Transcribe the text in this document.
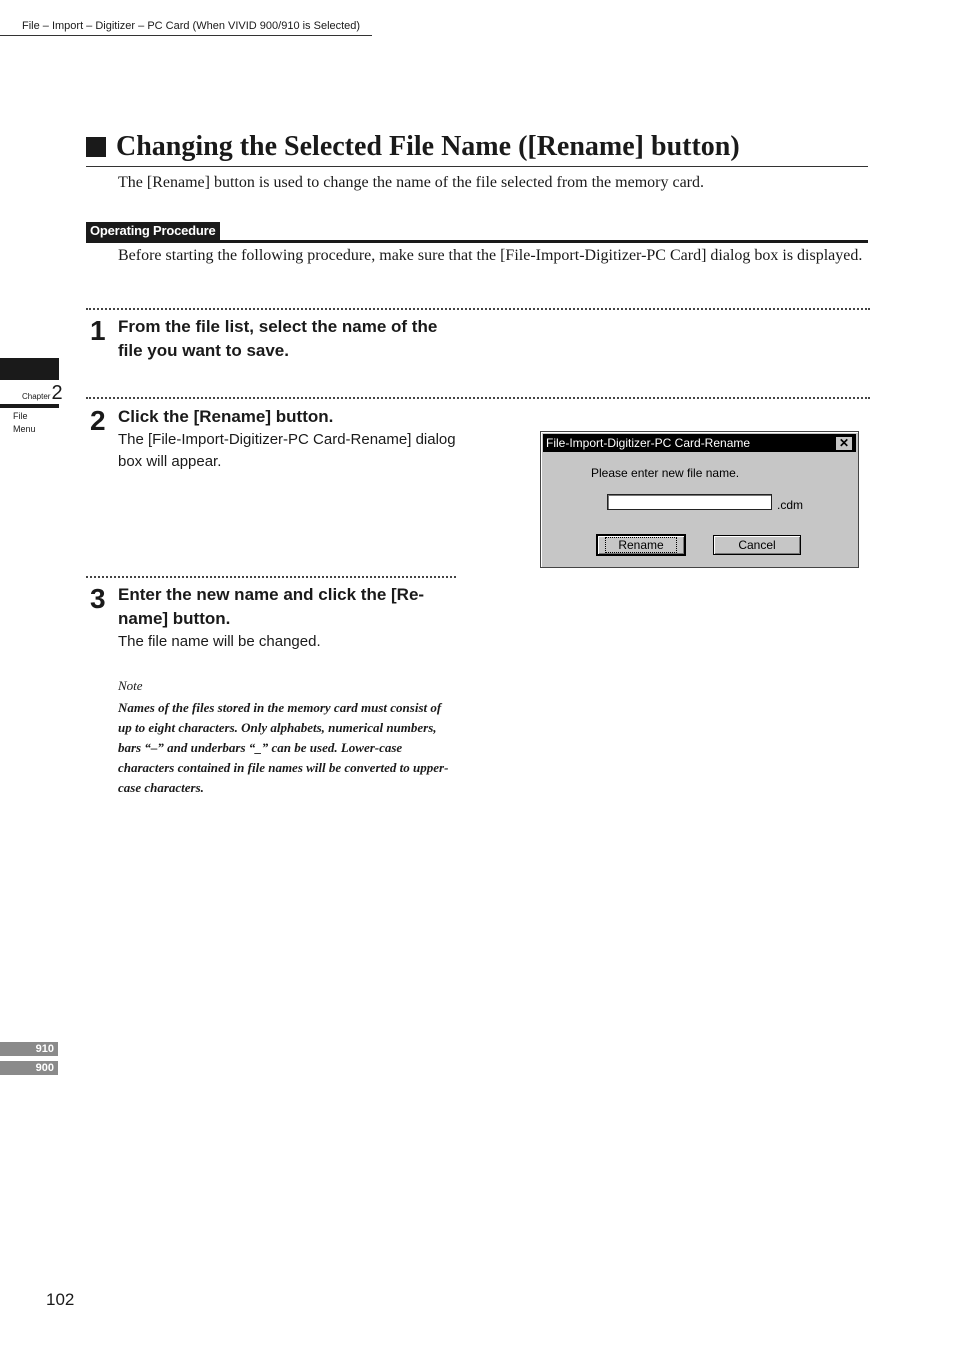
File – Import – Digitizer – PC Card (When VIVID 900/910 is Selected)
Changing the Selected File Name ([Rename] button)
The [Rename] button is used to change the name of the file selected from the memory card.
Operating Procedure
Before starting the following procedure, make sure that the [File-Import-Digitizer-PC Card] dialog box is displayed.
1 From the file list, select the name of the file you want to save.
2 Click the [Rename] button.
The [File-Import-Digitizer-PC Card-Rename] dialog box will appear.
3 Enter the new name and click the [Re-name] button.
The file name will be changed.
Note
Names of the files stored in the memory card must consist of up to eight characters. Only alphabets, numerical numbers, bars “–” and underbars “_” can be used. Lower-case characters contained in file names will be converted to upper-case characters.
File-Import-Digitizer-PC Card-Rename	✕
Please enter new file name.
.cdm
Rename	Cancel
Chapter2
File
Menu
910
900
102
